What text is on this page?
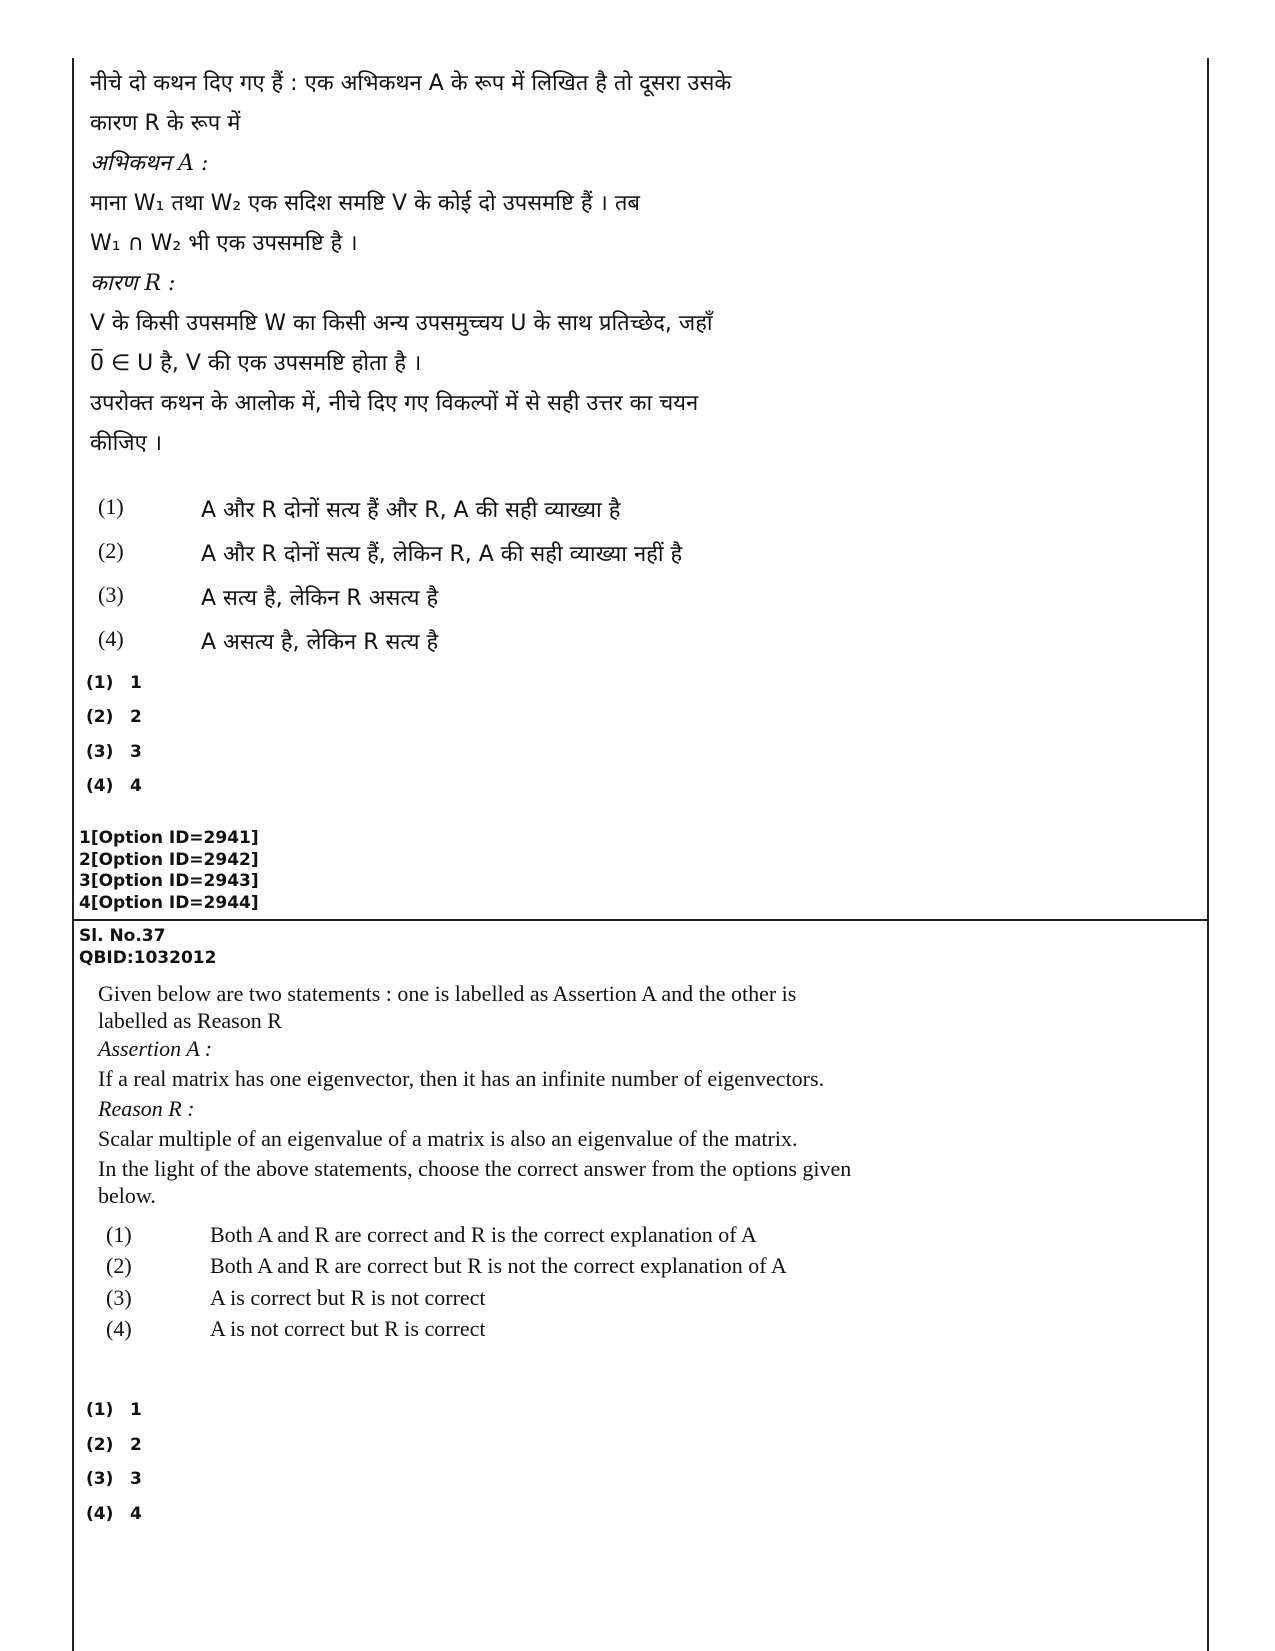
नीचे दो कथन दिए गए हैं : एक अभिकथन A के रूप में लिखित है तो दूसरा उसके

कारण R के रूप में

अभिकथन A :

माना W₁ तथा W₂ एक सदिश समष्टि V के कोई दो उपसमष्टि हैं । तब

W₁ ∩ W₂ भी एक उपसमष्टि है ।

कारण R :

V के किसी उपसमष्टि W का किसी अन्य उपसमुच्चय U के साथ प्रतिच्छेद, जहाँ

0̅ ∈ U है, V की एक उपसमष्टि होता है ।

उपरोक्त कथन के आलोक में, नीचे दिए गए विकल्पों में से सही उत्तर का चयन

कीजिए ।

(1)	A और R दोनों सत्य हैं और R, A की सही व्याख्या है
(2)	A और R दोनों सत्य हैं, लेकिन R, A की सही व्याख्या नहीं है
(3)	A सत्य है, लेकिन R असत्य है
(4)	A असत्य है, लेकिन R सत्य है
(1) 1
(2) 2
(3) 3
(4) 4
1[Option ID=2941]
2[Option ID=2942]
3[Option ID=2943]
4[Option ID=2944]
Sl. No.37
QBID:1032012
Given below are two statements : one is labelled as Assertion A and the other is
labelled as Reason R
Assertion A :
If a real matrix has one eigenvector, then it has an infinite number of eigenvectors.
Reason R :
Scalar multiple of an eigenvalue of a matrix is also an eigenvalue of the matrix.
In the light of the above statements, choose the correct answer from the options given
below.
(1)	Both A and R are correct and R is the correct explanation of A
(2)	Both A and R are correct but R is not the correct explanation of A
(3)	A is correct but R is not correct
(4)	A is not correct but R is correct
(1) 1
(2) 2
(3) 3
(4) 4
